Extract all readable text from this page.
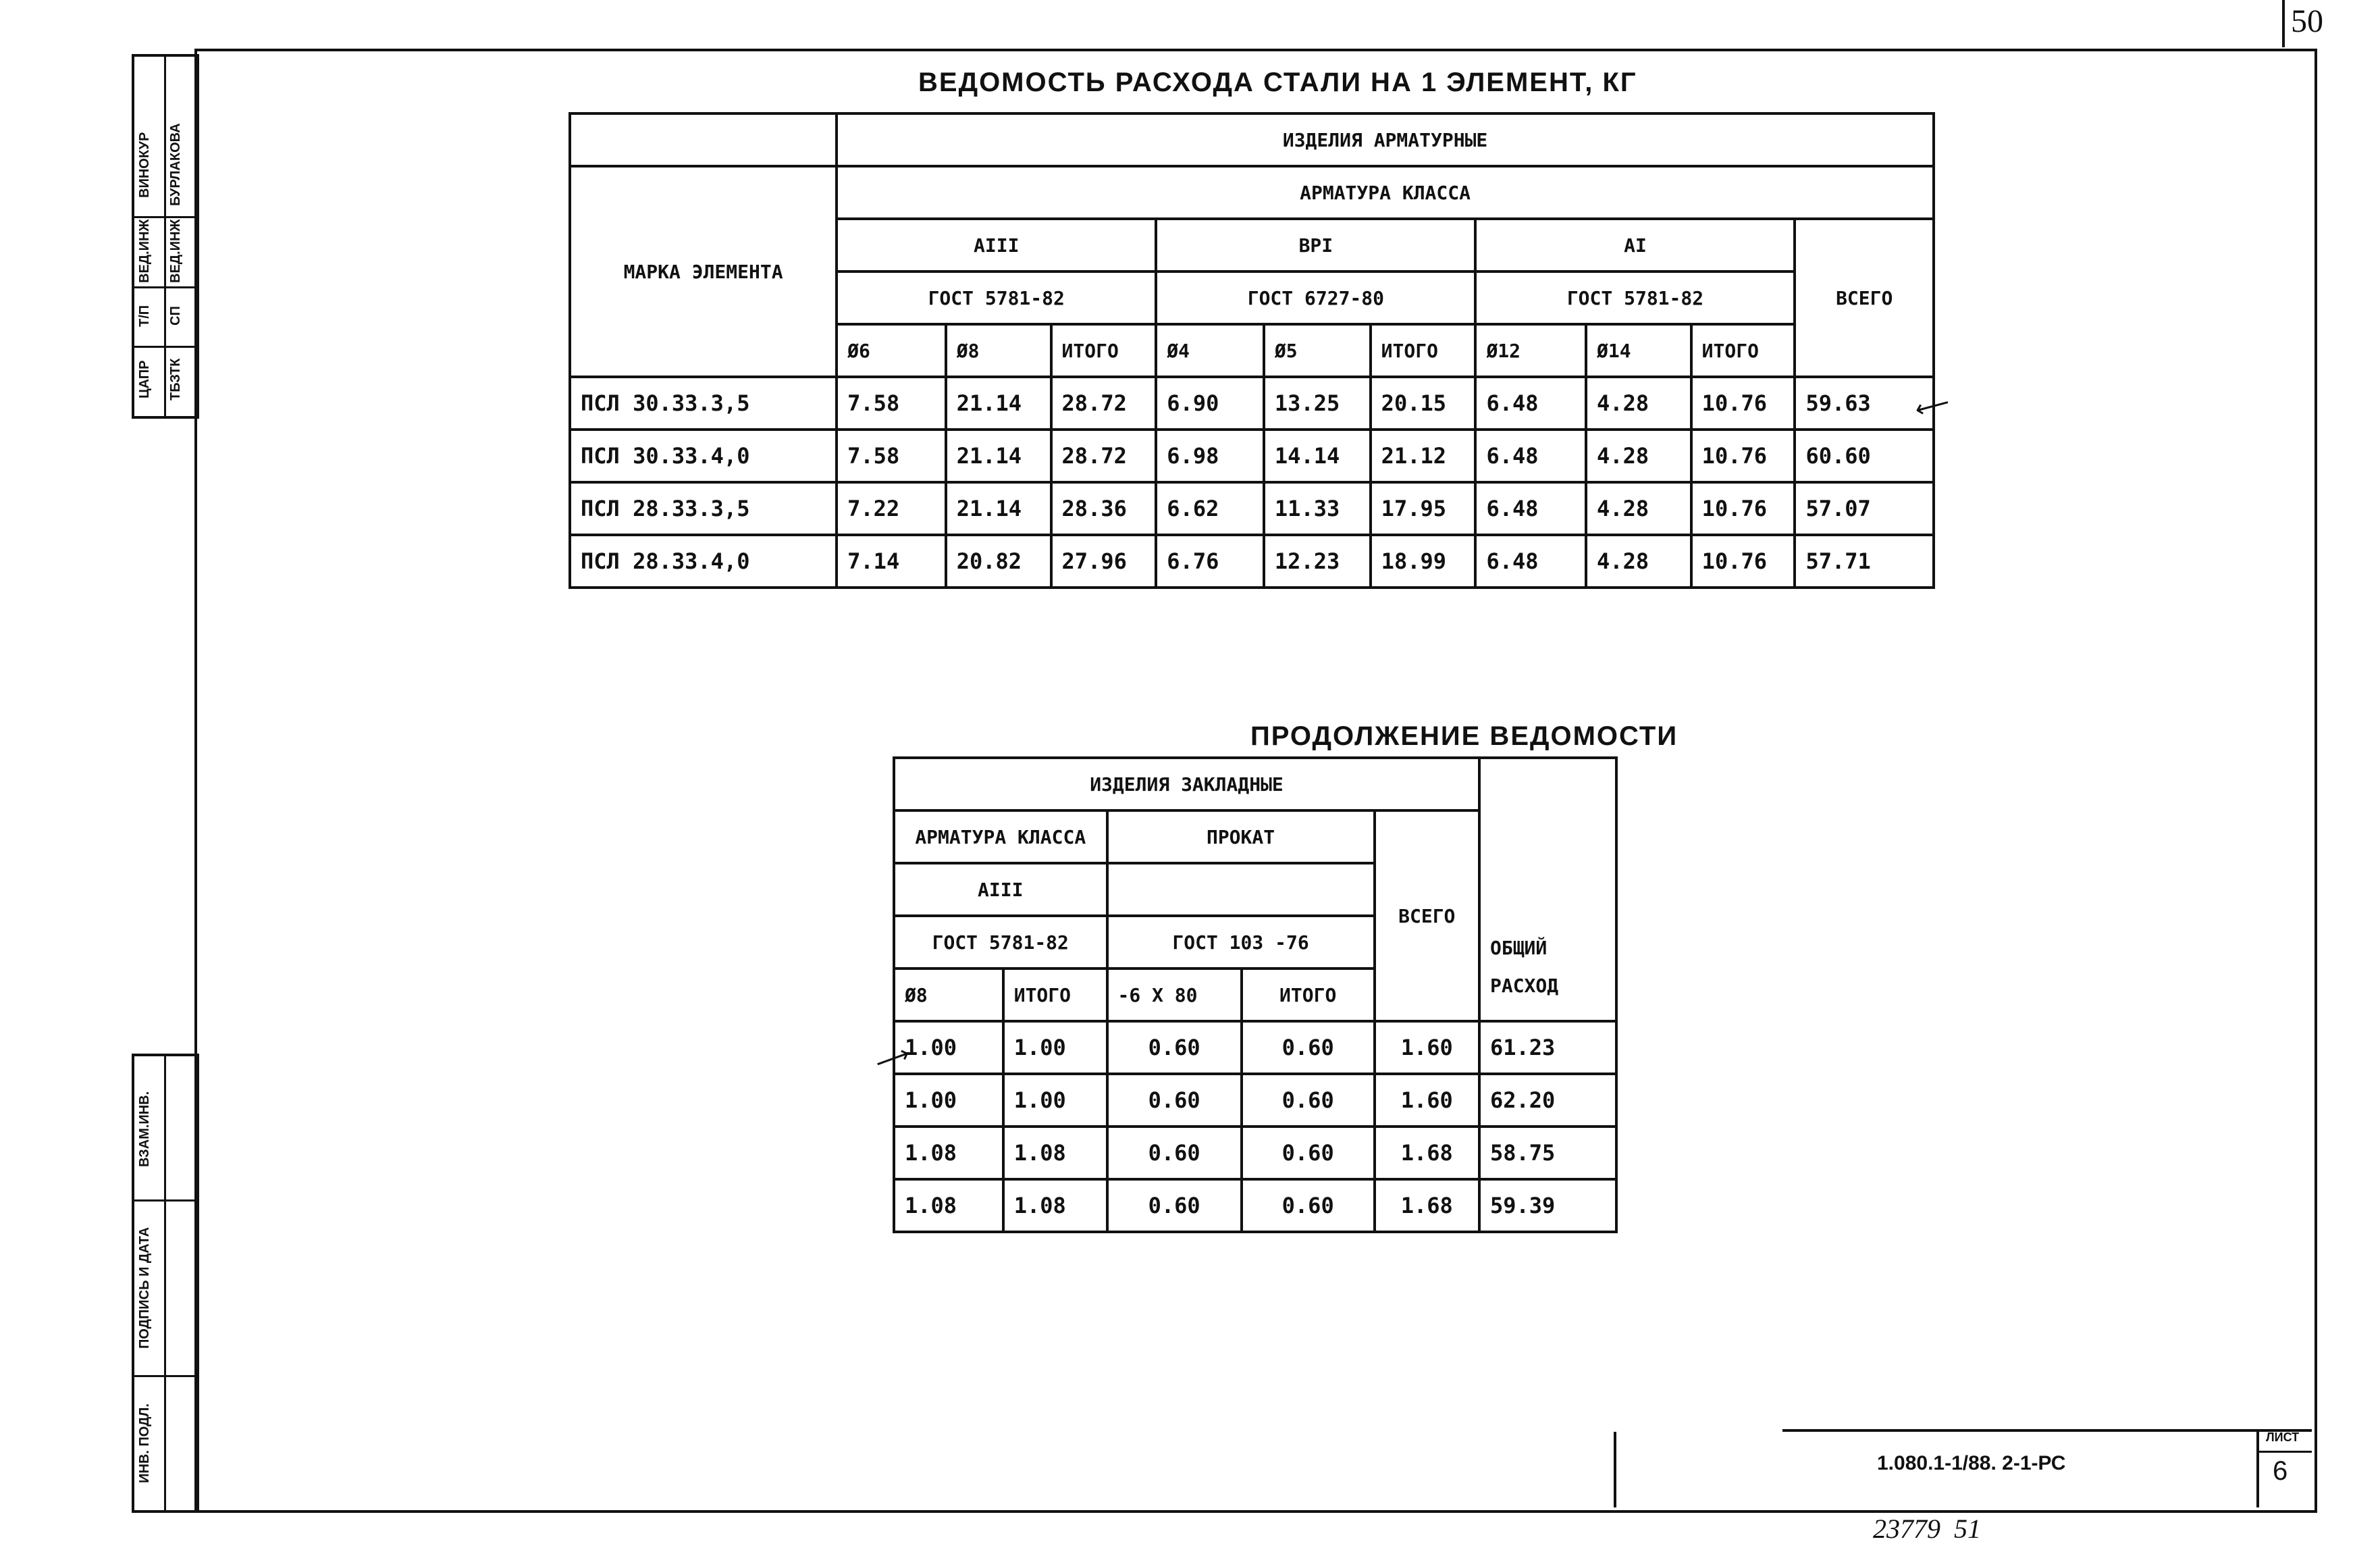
50
ЦАПР
Т/П
ВЕД.ИНЖ
ВИНОКУР
ТБЗТК
СП
ВЕД.ИНЖ
БУРЛАКОВА
ВЗАМ.ИНВ.
ПОДПИСЬ И ДАТА
ИНВ. ПОДЛ.
ВЕДОМОСТЬ РАСХОДА СТАЛИ НА 1 ЭЛЕМЕНТ, КГ
	ИЗДЕЛИЯ АРМАТУРНЫЕ									
МАРКА ЭЛЕМЕНТА	АРМАТУРА КЛАССА									
	AIII			ВРI			AI			ВСЕГО
	ГОСТ 5781-82			ГОСТ 6727-80			ГОСТ 5781-82			
	Ø6	Ø8	ИТОГО	Ø4	Ø5	ИТОГО	Ø12	Ø14	ИТОГО	
ПСЛ 30.33.3,5	7.58	21.14	28.72	6.90	13.25	20.15	6.48	4.28	10.76	59.63
ПСЛ 30.33.4,0	7.58	21.14	28.72	6.98	14.14	21.12	6.48	4.28	10.76	60.60
ПСЛ 28.33.3,5	7.22	21.14	28.36	6.62	11.33	17.95	6.48	4.28	10.76	57.07
ПСЛ 28.33.4,0	7.14	20.82	27.96	6.76	12.23	18.99	6.48	4.28	10.76	57.71
⟵
ПРОДОЛЖЕНИЕ ВЕДОМОСТИ
ИЗДЕЛИЯ ЗАКЛАДНЫЕ					
АРМАТУРА КЛАССА		ПРОКАТ		ВСЕГО	
AIII					ОБЩИЙ
РАСХОД

ГОСТ 5781-82		ГОСТ 103 -76			
Ø8	ИТОГО	-6 Х 80	ИТОГО		
1.00	1.00	0.60	0.60	1.60	61.23
1.00	1.00	0.60	0.60	1.60	62.20
1.08	1.08	0.60	0.60	1.68	58.75
1.08	1.08	0.60	0.60	1.68	59.39
⟶
1.080.1-1/88. 2-1-РС
ЛИСТ
6
23779  51
